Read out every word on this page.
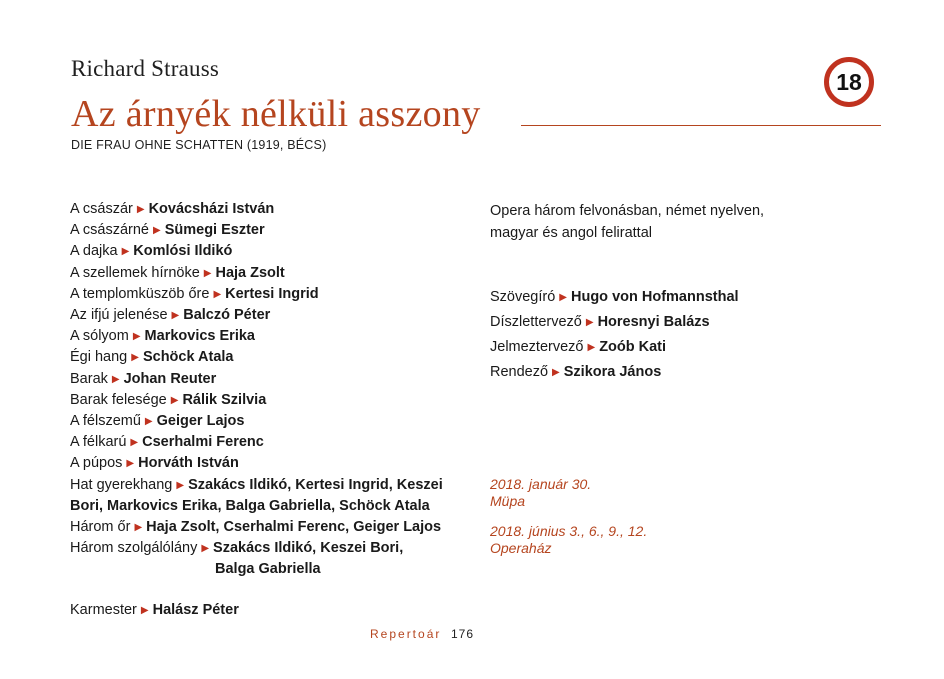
Richard Strauss
Az árnyék nélküli asszony
DIE FRAU OHNE SCHATTEN (1919, BÉCS)
18
A császár ▶ Kovácsházi István
A császárné ▶ Sümegi Eszter
A dajka ▶ Komlósi Ildikó
A szellemek hírnöke ▶ Haja Zsolt
A templomküszöb őre ▶ Kertesi Ingrid
Az ifjú jelenése ▶ Balczó Péter
A sólyom ▶ Markovics Erika
Égi hang ▶ Schöck Atala
Barak ▶ Johan Reuter
Barak felesége ▶ Rálik Szilvia
A félszemű ▶ Geiger Lajos
A félkarú ▶ Cserhalmi Ferenc
A púpos ▶ Horváth István
Hat gyerekhang ▶ Szakács Ildikó, Kertesi Ingrid, Keszei Bori, Markovics Erika, Balga Gabriella, Schöck Atala
Három őr ▶ Haja Zsolt, Cserhalmi Ferenc, Geiger Lajos
Három szolgálólány ▶ Szakács Ildikó, Keszei Bori,
Balga Gabriella
Karmester ▶ Halász Péter
Opera három felvonásban, német nyelven,
magyar és angol felirattal
Szövegíró ▶ Hugo von Hofmannsthal
Díszlettervező ▶ Horesnyi Balázs
Jelmeztervező ▶ Zoób Kati
Rendező ▶ Szikora János
2018. január 30.
Müpa
2018. június 3., 6., 9., 12.
Operaház
Repertoár 176
